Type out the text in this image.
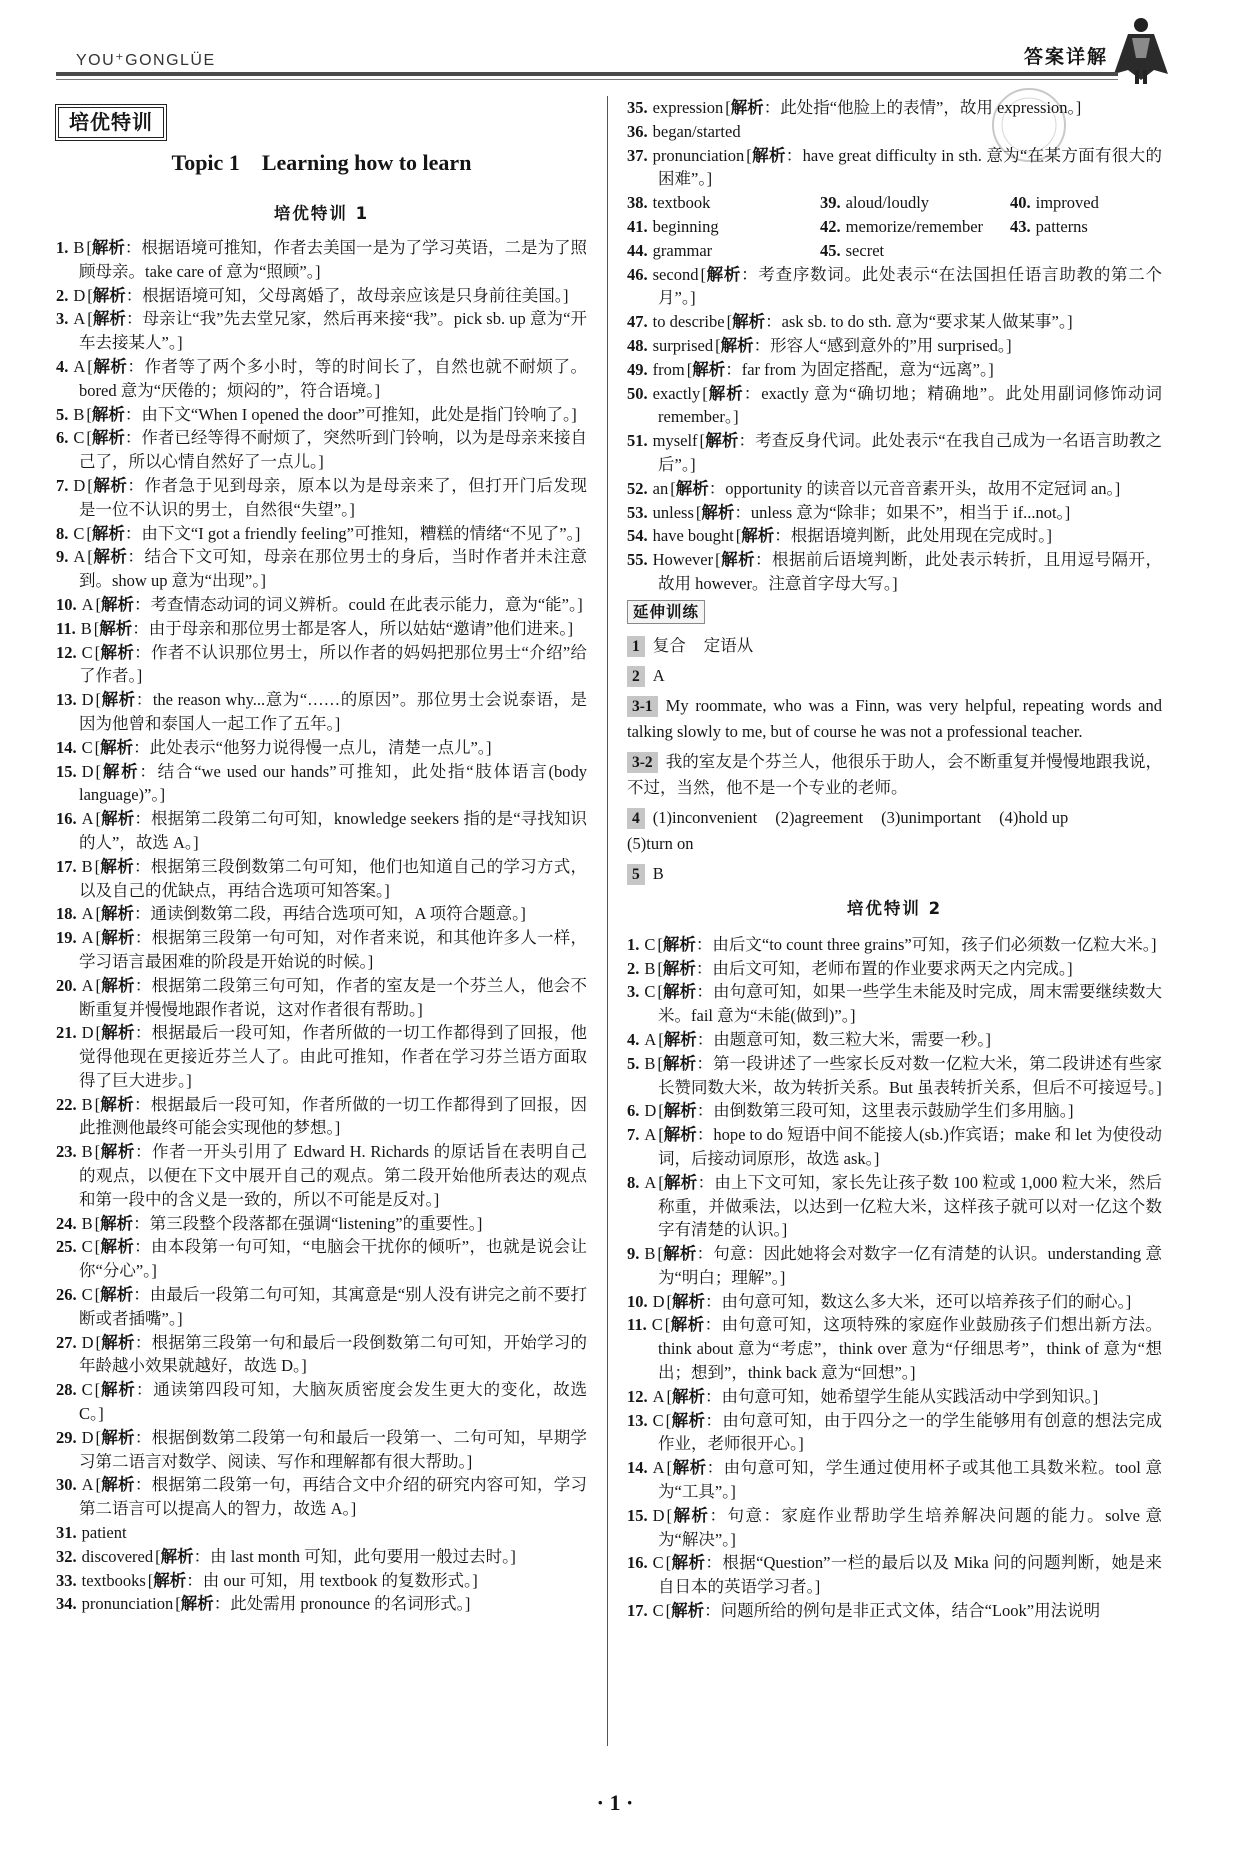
YOU⁺GONGLÜE	答案详解
培优特训
Topic 1    Learning how to learn
培优特训 1
1. B [解析：根据语境可推知，作者去美国一是为了学习英语，二是为了照顾母亲。take care of 意为“照顾”。]
2. D [解析：根据语境可知，父母离婚了，故母亲应该是只身前往美国。]
3. A [解析：母亲让“我”先去堂兄家，然后再来接“我”。pick sb. up 意为“开车去接某人”。]
4. A [解析：作者等了两个多小时，等的时间长了，自然也就不耐烦了。bored 意为“厌倦的；烦闷的”，符合语境。]
5. B [解析：由下文“When I opened the door”可推知，此处是指门铃响了。]
6. C [解析：作者已经等得不耐烦了，突然听到门铃响，以为是母亲来接自己了，所以心情自然好了一点儿。]
7. D [解析：作者急于见到母亲，原本以为是母亲来了，但打开门后发现是一位不认识的男士，自然很“失望”。]
8. C [解析：由下文“I got a friendly feeling”可推知，糟糕的情绪“不见了”。]
9. A [解析：结合下文可知，母亲在那位男士的身后，当时作者并未注意到。show up 意为“出现”。]
10. A [解析：考查情态动词的词义辨析。could 在此表示能力，意为“能”。]
11. B [解析：由于母亲和那位男士都是客人，所以姑姑“邀请”他们进来。]
12. C [解析：作者不认识那位男士，所以作者的妈妈把那位男士“介绍”给了作者。]
13. D [解析：the reason why...意为“……的原因”。那位男士会说泰语，是因为他曾和泰国人一起工作了五年。]
14. C [解析：此处表示“他努力说得慢一点儿，清楚一点儿”。]
15. D [解析：结合“we used our hands”可推知，此处指“肢体语言(body language)”。]
16. A [解析：根据第二段第二句可知，knowledge seekers 指的是“寻找知识的人”，故选 A。]
17. B [解析：根据第三段倒数第二句可知，他们也知道自己的学习方式，以及自己的优缺点，再结合选项可知答案。]
18. A [解析：通读倒数第二段，再结合选项可知，A 项符合题意。]
19. A [解析：根据第三段第一句可知，对作者来说，和其他许多人一样，学习语言最困难的阶段是开始说的时候。]
20. A [解析：根据第二段第三句可知，作者的室友是一个芬兰人，他会不断重复并慢慢地跟作者说，这对作者很有帮助。]
21. D [解析：根据最后一段可知，作者所做的一切工作都得到了回报，他觉得他现在更接近芬兰人了。由此可推知，作者在学习芬兰语方面取得了巨大进步。]
22. B [解析：根据最后一段可知，作者所做的一切工作都得到了回报，因此推测他最终可能会实现他的梦想。]
23. B [解析：作者一开头引用了 Edward H. Richards 的原话旨在表明自己的观点，以便在下文中展开自己的观点。第二段开始他所表达的观点和第一段中的含义是一致的，所以不可能是反对。]
24. B [解析：第三段整个段落都在强调“listening”的重要性。]
25. C [解析：由本段第一句可知，“电脑会干扰你的倾听”，也就是说会让你“分心”。]
26. C [解析：由最后一段第二句可知，其寓意是“别人没有讲完之前不要打断或者插嘴”。]
27. D [解析：根据第三段第一句和最后一段倒数第二句可知，开始学习的年龄越小效果就越好，故选 D。]
28. C [解析：通读第四段可知，大脑灰质密度会发生更大的变化，故选 C。]
29. D [解析：根据倒数第二段第一句和最后一段第一、二句可知，早期学习第二语言对数学、阅读、写作和理解都有很大帮助。]
30. A [解析：根据第二段第一句，再结合文中介绍的研究内容可知，学习第二语言可以提高人的智力，故选 A。]
31. patient
32. discovered [解析：由 last month 可知，此句要用一般过去时。]
33. textbooks [解析：由 our 可知，用 textbook 的复数形式。]
34. pronunciation [解析：此处需用 pronounce 的名词形式。]
35. expression [解析：此处指“他脸上的表情”，故用 expression。]
36. began/started
37. pronunciation [解析：have great difficulty in sth. 意为“在某方面有很大的困难”。]
38. textbook	39. aloud/loudly	40. improved
41. beginning	42. memorize/remember	43. patterns
44. grammar	45. secret
46. second [解析：考查序数词。此处表示“在法国担任语言助教的第二个月”。]
47. to describe [解析：ask sb. to do sth. 意为“要求某人做某事”。]
48. surprised [解析：形容人“感到意外的”用 surprised。]
49. from [解析：far from 为固定搭配，意为“远离”。]
50. exactly [解析：exactly 意为“确切地；精确地”。此处用副词修饰动词 remember。]
51. myself [解析：考查反身代词。此处表示“在我自己成为一名语言助教之后”。]
52. an [解析：opportunity 的读音以元音音素开头，故用不定冠词 an。]
53. unless [解析：unless 意为“除非；如果不”，相当于 if...not。]
54. have bought [解析：根据语境判断，此处用现在完成时。]
55. However [解析：根据前后语境判断，此处表示转折，且用逗号隔开，故用 however。注意首字母大写。]
延伸训练
1 复合 定语从
2 A
3-1 My roommate, who was a Finn, was very helpful, repeating words and talking slowly to me, but of course he was not a professional teacher.
3-2 我的室友是个芬兰人，他很乐于助人，会不断重复并慢慢地跟我说，不过，当然，他不是一个专业的老师。
4 (1)inconvenient (2)agreement (3)unimportant (4)hold up(5)turn on
5 B
培优特训 2
1. C [解析：由后文“to count three grains”可知，孩子们必须数一亿粒大米。]
2. B [解析：由后文可知，老师布置的作业要求两天之内完成。]
3. C [解析：由句意可知，如果一些学生未能及时完成，周末需要继续数大米。fail 意为“未能(做到)”。]
4. A [解析：由题意可知，数三粒大米，需要一秒。]
5. B [解析：第一段讲述了一些家长反对数一亿粒大米，第二段讲述有些家长赞同数大米，故为转折关系。But 虽表转折关系，但后不可接逗号。]
6. D [解析：由倒数第三段可知，这里表示鼓励学生们多用脑。]
7. A [解析：hope to do 短语中间不能接人(sb.)作宾语；make 和 let 为使役动词，后接动词原形，故选 ask。]
8. A [解析：由上下文可知，家长先让孩子数 100 粒或 1,000 粒大米，然后称重，并做乘法，以达到一亿粒大米，这样孩子就可以对一亿这个数字有清楚的认识。]
9. B [解析：句意：因此她将会对数字一亿有清楚的认识。understanding 意为“明白；理解”。]
10. D [解析：由句意可知，数这么多大米，还可以培养孩子们的耐心。]
11. C [解析：由句意可知，这项特殊的家庭作业鼓励孩子们想出新方法。think about 意为“考虑”，think over 意为“仔细思考”，think of 意为“想出；想到”，think back 意为“回想”。]
12. A [解析：由句意可知，她希望学生能从实践活动中学到知识。]
13. C [解析：由句意可知，由于四分之一的学生能够用有创意的想法完成作业，老师很开心。]
14. A [解析：由句意可知，学生通过使用杯子或其他工具数米粒。tool 意为“工具”。]
15. D [解析：句意：家庭作业帮助学生培养解决问题的能力。solve 意为“解决”。]
16. C [解析：根据“Question”一栏的最后以及 Mika 问的问题判断，她是来自日本的英语学习者。]
17. C [解析：问题所给的例句是非正式文体，结合“Look”用法说明
· 1 ·
